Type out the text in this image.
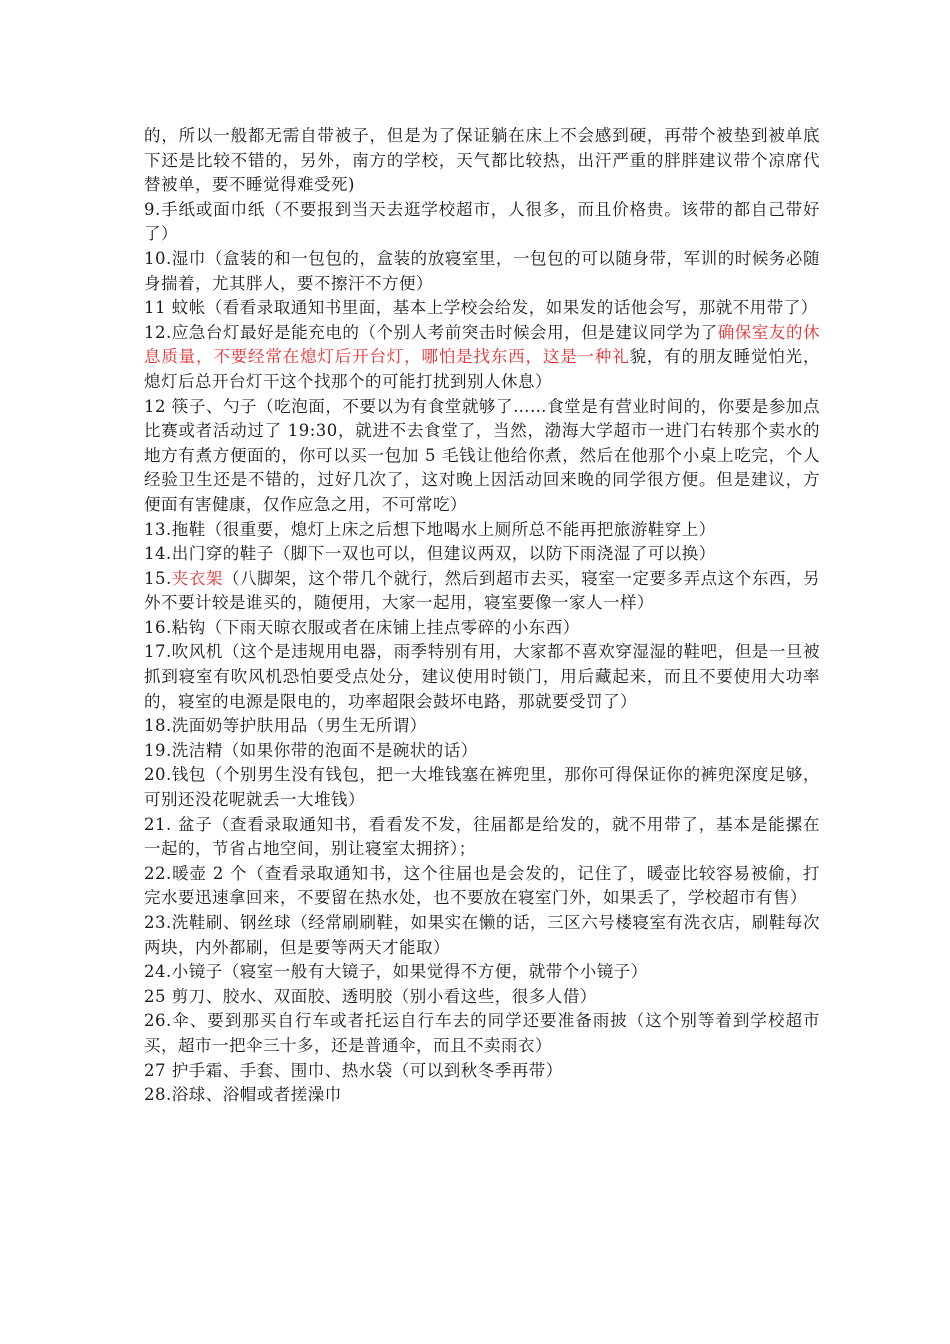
的，所以一般都无需自带被子，但是为了保证躺在床上不会感到硬，再带个被垫到被单底下还是比较不错的，另外，南方的学校，天气都比较热，出汗严重的胖胖建议带个凉席代替被单，要不睡觉得难受死)

9.手纸或面巾纸（不要报到当天去逛学校超市，人很多，而且价格贵。该带的都自己带好了）

10.湿巾（盒装的和一包包的，盒装的放寝室里，一包包的可以随身带，军训的时候务必随身揣着，尤其胖人，要不擦汗不方便）

11 蚊帐（看看录取通知书里面，基本上学校会给发，如果发的话他会写，那就不用带了）

12.应急台灯最好是能充电的（个别人考前突击时候会用，但是建议同学为了确保室友的休息质量，不要经常在熄灯后开台灯，哪怕是找东西，这是一种礼貌，有的朋友睡觉怕光，熄灯后总开台灯干这个找那个的可能打扰到别人休息）

12 筷子、勺子（吃泡面，不要以为有食堂就够了……食堂是有营业时间的，你要是参加点比赛或者活动过了 19:30，就进不去食堂了，当然，渤海大学超市一进门右转那个卖水的地方有煮方便面的，你可以买一包加 5 毛钱让他给你煮，然后在他那个小桌上吃完，个人经验卫生还是不错的，过好几次了，这对晚上因活动回来晚的同学很方便。但是建议，方便面有害健康，仅作应急之用，不可常吃）

13.拖鞋（很重要，熄灯上床之后想下地喝水上厕所总不能再把旅游鞋穿上）

14.出门穿的鞋子（脚下一双也可以，但建议两双，以防下雨浇湿了可以换）

15.夹衣架（八脚架，这个带几个就行，然后到超市去买，寝室一定要多弄点这个东西，另外不要计较是谁买的，随便用，大家一起用，寝室要像一家人一样）

16.粘钩（下雨天晾衣服或者在床铺上挂点零碎的小东西）

17.吹风机（这个是违规用电器，雨季特别有用，大家都不喜欢穿湿湿的鞋吧，但是一旦被抓到寝室有吹风机恐怕要受点处分，建议使用时锁门，用后藏起来，而且不要使用大功率的，寝室的电源是限电的，功率超限会鼓坏电路，那就要受罚了）

18.洗面奶等护肤用品（男生无所谓）

19.洗洁精（如果你带的泡面不是碗状的话）

20.钱包（个别男生没有钱包，把一大堆钱塞在裤兜里，那你可得保证你的裤兜深度足够，可别还没花呢就丢一大堆钱）

21. 盆子（查看录取通知书，看看发不发，往届都是给发的，就不用带了，基本是能摞在一起的，节省占地空间，别让寝室太拥挤）；

22.暖壶 2 个（查看录取通知书，这个往届也是会发的，记住了，暖壶比较容易被偷，打完水要迅速拿回来，不要留在热水处，也不要放在寝室门外，如果丢了，学校超市有售）

23.洗鞋刷、钢丝球（经常刷刷鞋，如果实在懒的话，三区六号楼寝室有洗衣店，刷鞋每次两块，内外都刷，但是要等两天才能取）

24.小镜子（寝室一般有大镜子，如果觉得不方便，就带个小镜子）

25 剪刀、胶水、双面胶、透明胶（别小看这些，很多人借）

26.伞、要到那买自行车或者托运自行车去的同学还要准备雨披（这个别等着到学校超市买，超市一把伞三十多，还是普通伞，而且不卖雨衣）

27 护手霜、手套、围巾、热水袋（可以到秋冬季再带）

28.浴球、浴帽或者搓澡巾
